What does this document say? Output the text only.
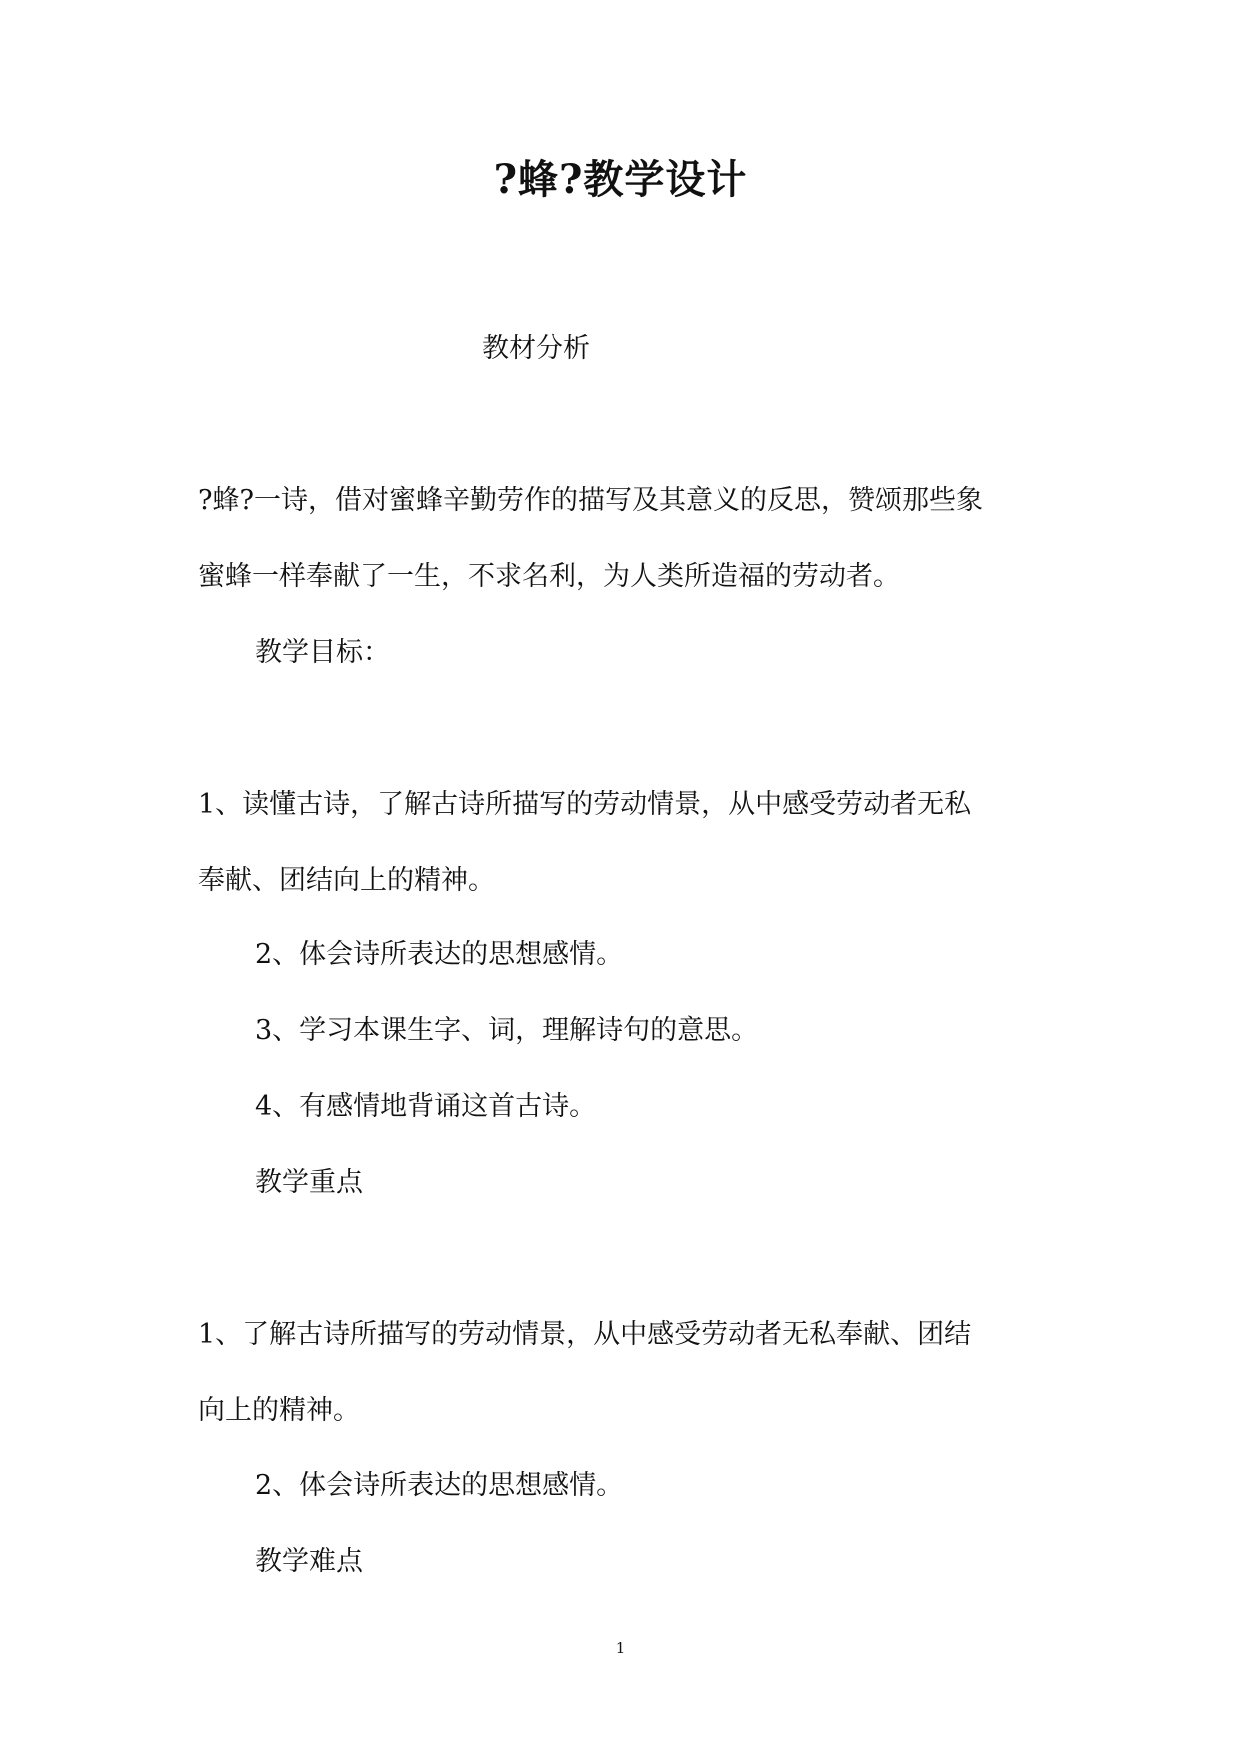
?蜂?教学设计
教材分析
?蜂?一诗，借对蜜蜂辛勤劳作的描写及其意义的反思，赞颂那些象
蜜蜂一样奉献了一生，不求名利，为人类所造福的劳动者。
教学目标：
1、读懂古诗，了解古诗所描写的劳动情景，从中感受劳动者无私
奉献、团结向上的精神。
2、体会诗所表达的思想感情。
3、学习本课生字、词，理解诗句的意思。
4、有感情地背诵这首古诗。
教学重点
1、了解古诗所描写的劳动情景，从中感受劳动者无私奉献、团结
向上的精神。
2、体会诗所表达的思想感情。
教学难点
1
